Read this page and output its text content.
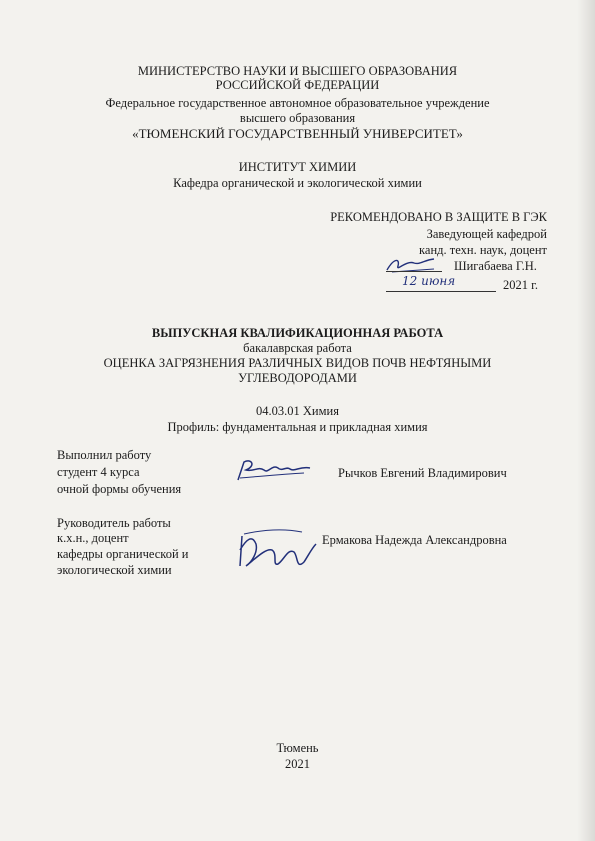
МИНИСТЕРСТВО НАУКИ И ВЫСШЕГО ОБРАЗОВАНИЯ
РОССИЙСКОЙ ФЕДЕРАЦИИ
Федеральное государственное автономное образовательное учреждение
высшего образования
«ТЮМЕНСКИЙ ГОСУДАРСТВЕННЫЙ УНИВЕРСИТЕТ»
ИНСТИТУТ ХИМИИ
Кафедра органической и экологической химии
РЕКОМЕНДОВАНО В ЗАЩИТЕ В ГЭК
Заведующей кафедрой
канд. техн. наук, доцент
Шигабаева Г.Н.
12 июня	2021 г.
ВЫПУСКНАЯ КВАЛИФИКАЦИОННАЯ РАБОТА
бакалаврская работа
ОЦЕНКА ЗАГРЯЗНЕНИЯ РАЗЛИЧНЫХ ВИДОВ ПОЧВ НЕФТЯНЫМИ
УГЛЕВОДОРОДАМИ
04.03.01 Химия
Профиль: фундаментальная и прикладная химия
Выполнил работу
студент 4 курса
очной формы обучения
Рычков Евгений Владимирович
Руководитель работы
к.х.н., доцент
кафедры органической и
экологической химии
Ермакова Надежда Александровна
Тюмень
2021
